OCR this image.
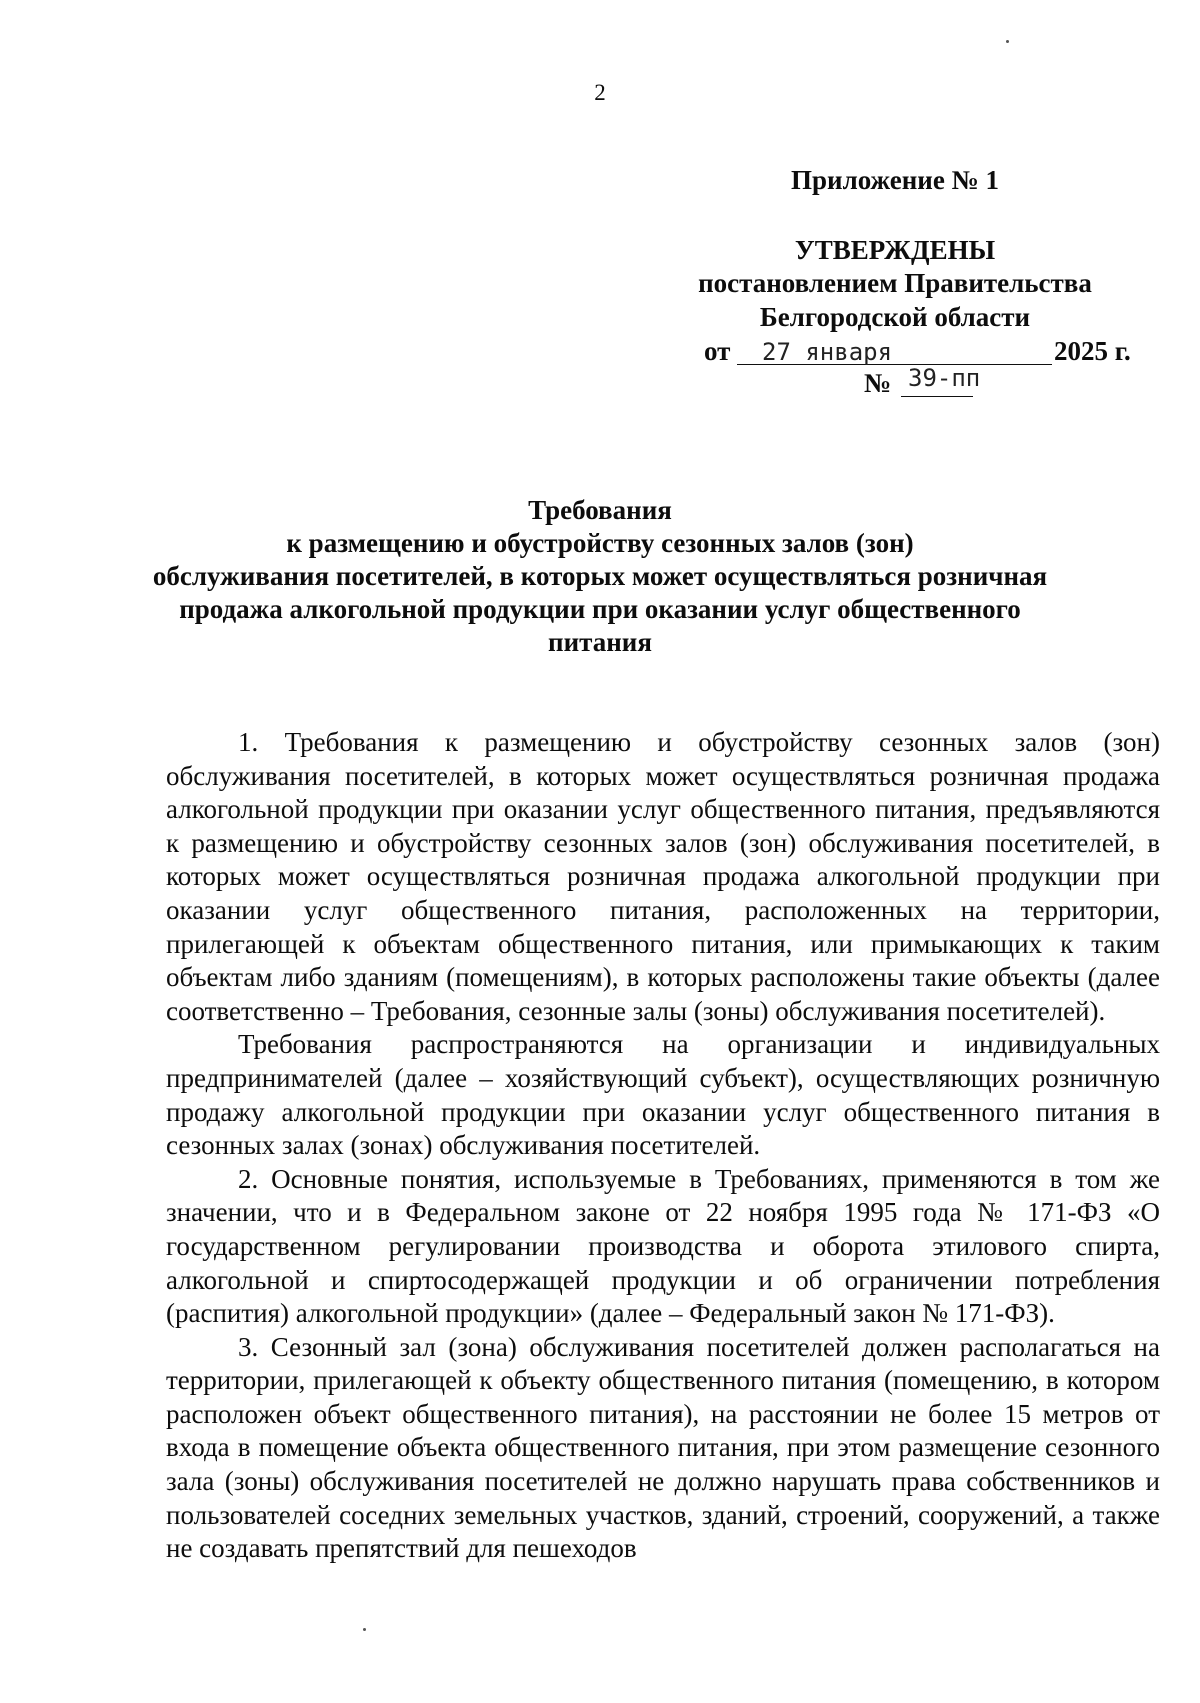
2
Приложение № 1
УТВЕРЖДЕНЫ
постановлением Правительства
Белгородской области
от 27 января	2025 г.
№ 39-пп
Требования
к размещению и обустройству сезонных залов (зон)
обслуживания посетителей, в которых может осуществляться розничная
продажа алкогольной продукции при оказании услуг общественного
питания

1. Требования к размещению и обустройству сезонных залов (зон) обслуживания посетителей, в которых может осуществляться розничная продажа алкогольной продукции при оказании услуг общественного питания, предъявляются к размещению и обустройству сезонных залов (зон) обслуживания посетителей, в которых может осуществляться розничная продажа алкогольной продукции при оказании услуг общественного питания, расположенных на территории, прилегающей к объектам общественного питания, или примыкающих к таким объектам либо зданиям (помещениям), в которых расположены такие объекты (далее соответственно – Требования, сезонные залы (зоны) обслуживания посетителей).

Требования распространяются на организации и индивидуальных предпринимателей (далее – хозяйствующий субъект), осуществляющих розничную продажу алкогольной продукции при оказании услуг общественного питания в сезонных залах (зонах) обслуживания посетителей.

2. Основные понятия, используемые в Требованиях, применяются в том же значении, что и в Федеральном законе от 22 ноября 1995 года № 171-ФЗ «О государственном регулировании производства и оборота этилового спирта, алкогольной и спиртосодержащей продукции и об ограничении потребления (распития) алкогольной продукции» (далее – Федеральный закон № 171-ФЗ).

3. Сезонный зал (зона) обслуживания посетителей должен располагаться на территории, прилегающей к объекту общественного питания (помещению, в котором расположен объект общественного питания), на расстоянии не более 15 метров от входа в помещение объекта общественного питания, при этом размещение сезонного зала (зоны) обслуживания посетителей не должно нарушать права собственников и пользователей соседних земельных участков, зданий, строений, сооружений, а также не создавать препятствий для пешеходов
